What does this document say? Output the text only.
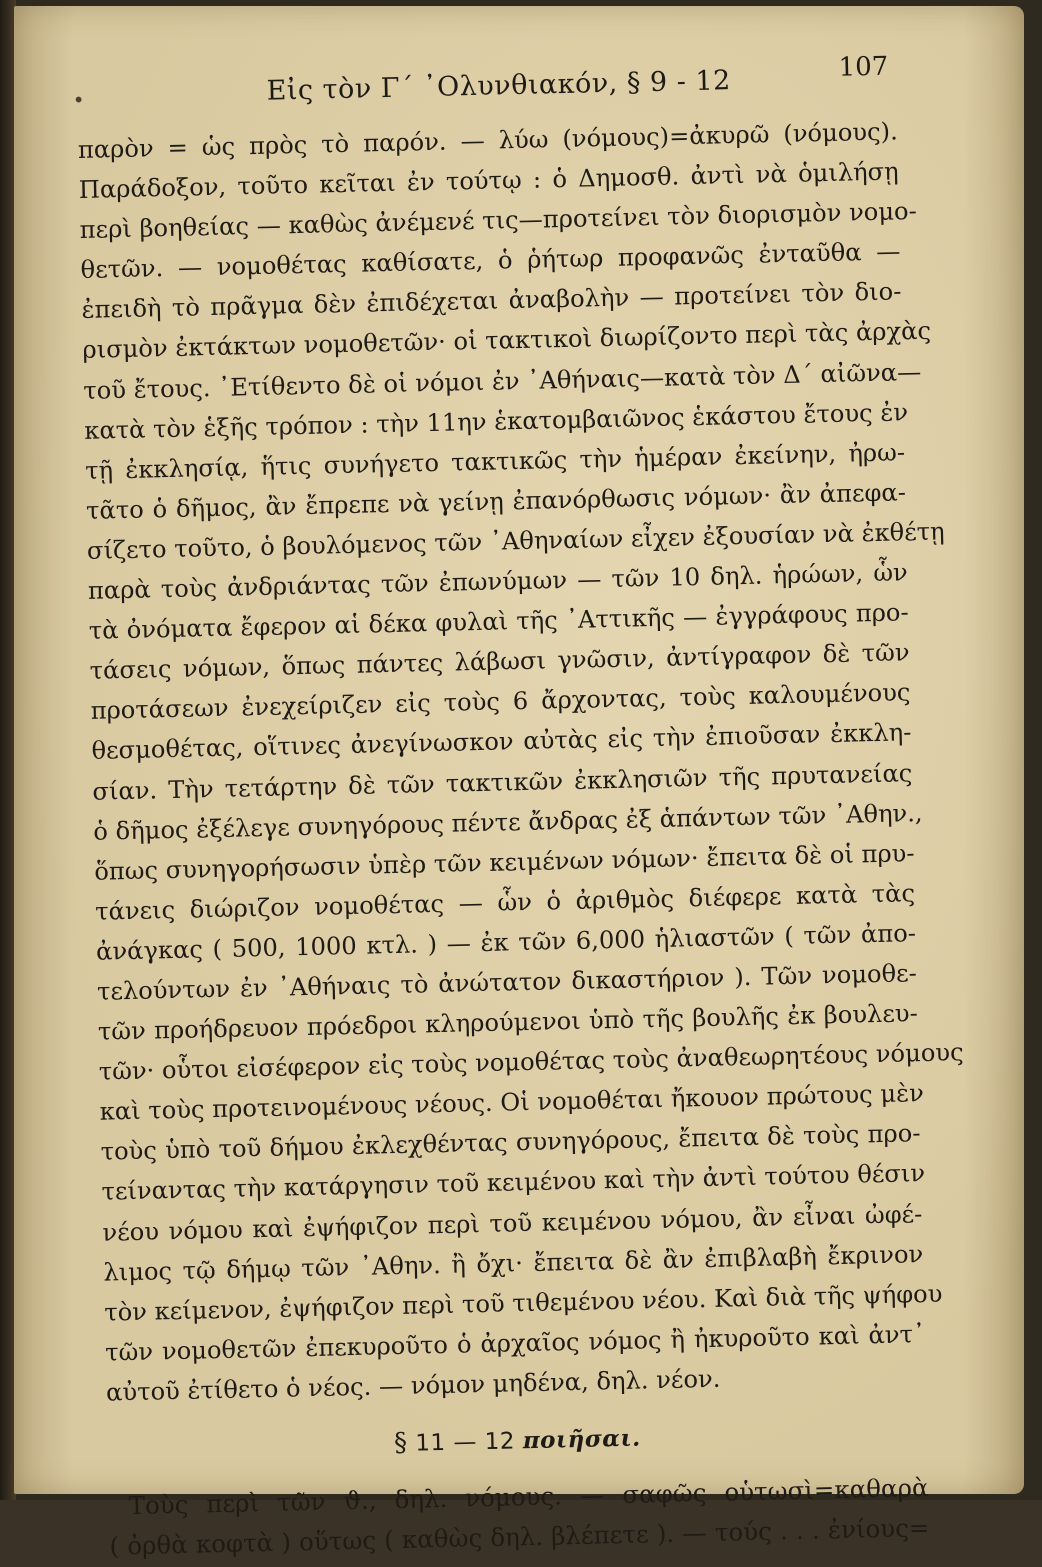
•	Εἰς τὸν Γ´ ᾿Ολυνθιακόν, § 9 - 12	107
παρὸν = ὡς πρὸς τὸ παρόν. — λύω (νόμους)=ἀκυρῶ (νόμους).
Παράδοξον, τοῦτο κεῖται ἐν τούτῳ : ὁ Δημοσθ. ἀντὶ νὰ ὁμιλήσῃ
περὶ βοηθείας — καθὼς ἀνέμενέ τις—προτείνει τὸν διορισμὸν νομο-
θετῶν. — νομοθέτας καθίσατε, ὁ ῥήτωρ προφανῶς ἐνταῦθα —
ἐπειδὴ τὸ πρᾶγμα δὲν ἐπιδέχεται ἀναβολὴν — προτείνει τὸν διο-
ρισμὸν ἐκτάκτων νομοθετῶν· οἱ τακτικοὶ διωρίζοντο περὶ τὰς ἀρχὰς
τοῦ ἔτους. ᾿Ετίθεντο δὲ οἱ νόμοι ἐν ᾿Αθήναις—κατὰ τὸν Δ΄ αἰῶνα—
κατὰ τὸν ἑξῆς τρόπον : τὴν 11ην ἑκατομβαιῶνος ἑκάστου ἔτους ἐν
τῇ ἐκκλησίᾳ, ἥτις συνήγετο τακτικῶς τὴν ἡμέραν ἐκείνην, ἠρω-
τᾶτο ὁ δῆμος, ἂν ἔπρεπε νὰ γείνῃ ἐπανόρθωσις νόμων· ἂν ἀπεφα-
σίζετο τοῦτο, ὁ βουλόμενος τῶν ᾿Αθηναίων εἶχεν ἐξουσίαν νὰ ἐκθέτῃ
παρὰ τοὺς ἀνδριάντας τῶν ἐπωνύμων — τῶν 10 δηλ. ἡρώων, ὧν
τὰ ὀνόματα ἔφερον αἱ δέκα φυλαὶ τῆς ᾿Αττικῆς — ἐγγράφους προ-
τάσεις νόμων, ὅπως πάντες λάβωσι γνῶσιν, ἀντίγραφον δὲ τῶν
προτάσεων ἐνεχείριζεν εἰς τοὺς 6 ἄρχοντας, τοὺς καλουμένους
θεσμοθέτας, οἵτινες ἀνεγίνωσκον αὐτὰς εἰς τὴν ἐπιοῦσαν ἐκκλη-
σίαν. Τὴν τετάρτην δὲ τῶν τακτικῶν ἐκκλησιῶν τῆς πρυτανείας
ὁ δῆμος ἐξέλεγε συνηγόρους πέντε ἄνδρας ἐξ ἁπάντων τῶν ᾿Αθην.,
ὅπως συνηγορήσωσιν ὑπὲρ τῶν κειμένων νόμων· ἔπειτα δὲ οἱ πρυ-
τάνεις διώριζον νομοθέτας — ὧν ὁ ἀριθμὸς διέφερε κατὰ τὰς
ἀνάγκας ( 500, 1000 κτλ. ) — ἐκ τῶν 6,000 ἡλιαστῶν ( τῶν ἀπο-
τελούντων ἐν ᾿Αθήναις τὸ ἀνώτατον δικαστήριον ). Τῶν νομοθε-
τῶν προήδρευον πρόεδροι κληρούμενοι ὑπὸ τῆς βουλῆς ἐκ βουλευ-
τῶν· οὗτοι εἰσέφερον εἰς τοὺς νομοθέτας τοὺς ἀναθεωρητέους νόμους
καὶ τοὺς προτεινομένους νέους. Οἱ νομοθέται ἤκουον πρώτους μὲν
τοὺς ὑπὸ τοῦ δήμου ἐκλεχθέντας συνηγόρους, ἔπειτα δὲ τοὺς προ-
τείναντας τὴν κατάργησιν τοῦ κειμένου καὶ τὴν ἀντὶ τούτου θέσιν
νέου νόμου καὶ ἐψήφιζον περὶ τοῦ κειμένου νόμου, ἂν εἶναι ὠφέ-
λιμος τῷ δήμῳ τῶν ᾿Αθην. ἢ ὄχι· ἔπειτα δὲ ἂν ἐπιβλαβὴ ἔκρινον
τὸν κείμενον, ἐψήφιζον περὶ τοῦ τιθεμένου νέου. Καὶ διὰ τῆς ψήφου
τῶν νομοθετῶν ἐπεκυροῦτο ὁ ἀρχαῖος νόμος ἢ ἠκυροῦτο καὶ ἀντ᾿
αὐτοῦ ἐτίθετο ὁ νέος. — νόμον μηδένα, δηλ. νέον.
§ 11 — 12 ποιῆσαι.
Τοὺς περὶ τῶν ϑ., δηλ. νόμους. — σαφῶς οὑτωσὶ=καθαρὰ
( ὀρθὰ κοφτὰ ) οὕτως ( καθὼς δηλ. βλέπετε ). — τούς . . . ἐνίους=
